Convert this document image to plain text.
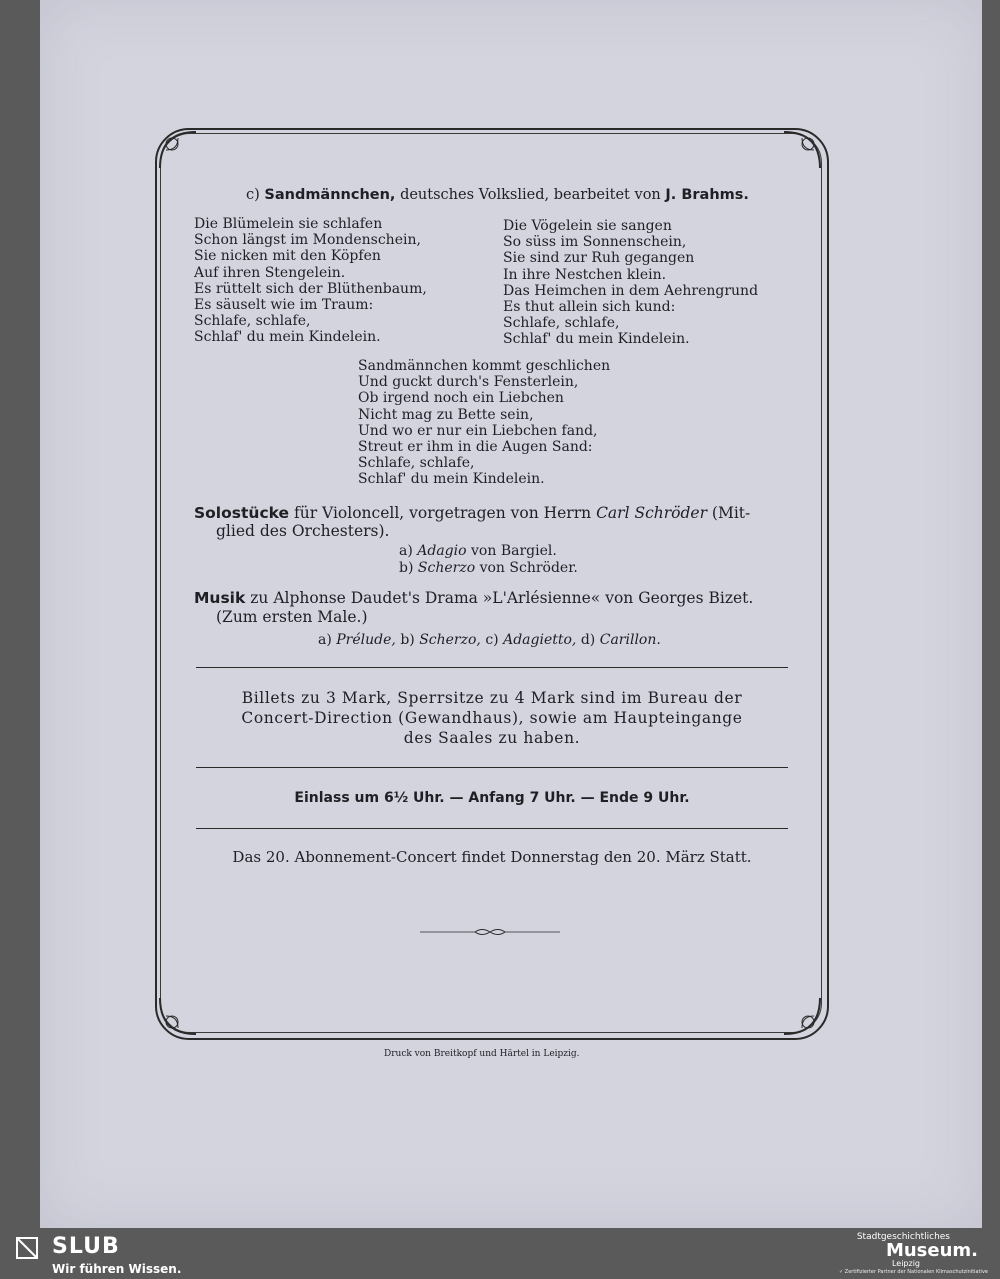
c) Sandmännchen, deutsches Volkslied, bearbeitet von J. Brahms.
Die Blümelein sie schlafen
Schon längst im Mondenschein,
Sie nicken mit den Köpfen
Auf ihren Stengelein.
Es rüttelt sich der Blüthenbaum,
Es säuselt wie im Traum:
Schlafe, schlafe,
Schlaf' du mein Kindelein.
Die Vögelein sie sangen
So süss im Sonnenschein,
Sie sind zur Ruh gegangen
In ihre Nestchen klein.
Das Heimchen in dem Aehrengrund
Es thut allein sich kund:
Schlafe, schlafe,
Schlaf' du mein Kindelein.
Sandmännchen kommt geschlichen
Und guckt durch's Fensterlein,
Ob irgend noch ein Liebchen
Nicht mag zu Bette sein,
Und wo er nur ein Liebchen fand,
Streut er ihm in die Augen Sand:
Schlafe, schlafe,
Schlaf' du mein Kindelein.
Solostücke für Violoncell, vorgetragen von Herrn Carl Schröder (Mit-
glied des Orchesters).
a) Adagio von Bargiel.
b) Scherzo von Schröder.
Musik zu Alphonse Daudet's Drama »L'Arlésienne« von Georges Bizet.
(Zum ersten Male.)
a) Prélude, b) Scherzo, c) Adagietto, d) Carillon.
Billets zu 3 Mark, Sperrsitze zu 4 Mark sind im Bureau der
Concert-Direction (Gewandhaus), sowie am Haupteingange
des Saales zu haben.
Einlass um 6½ Uhr. — Anfang 7 Uhr. — Ende 9 Uhr.
Das 20. Abonnement-Concert findet Donnerstag den 20. März Statt.
Druck von Breitkopf und Härtel in Leipzig.
SLUB
Wir führen Wissen.
Stadtgeschichtliches
Museum.
Leipzig
✓ Zertifizierter Partner der Nationalen Klimaschutzinitiative
